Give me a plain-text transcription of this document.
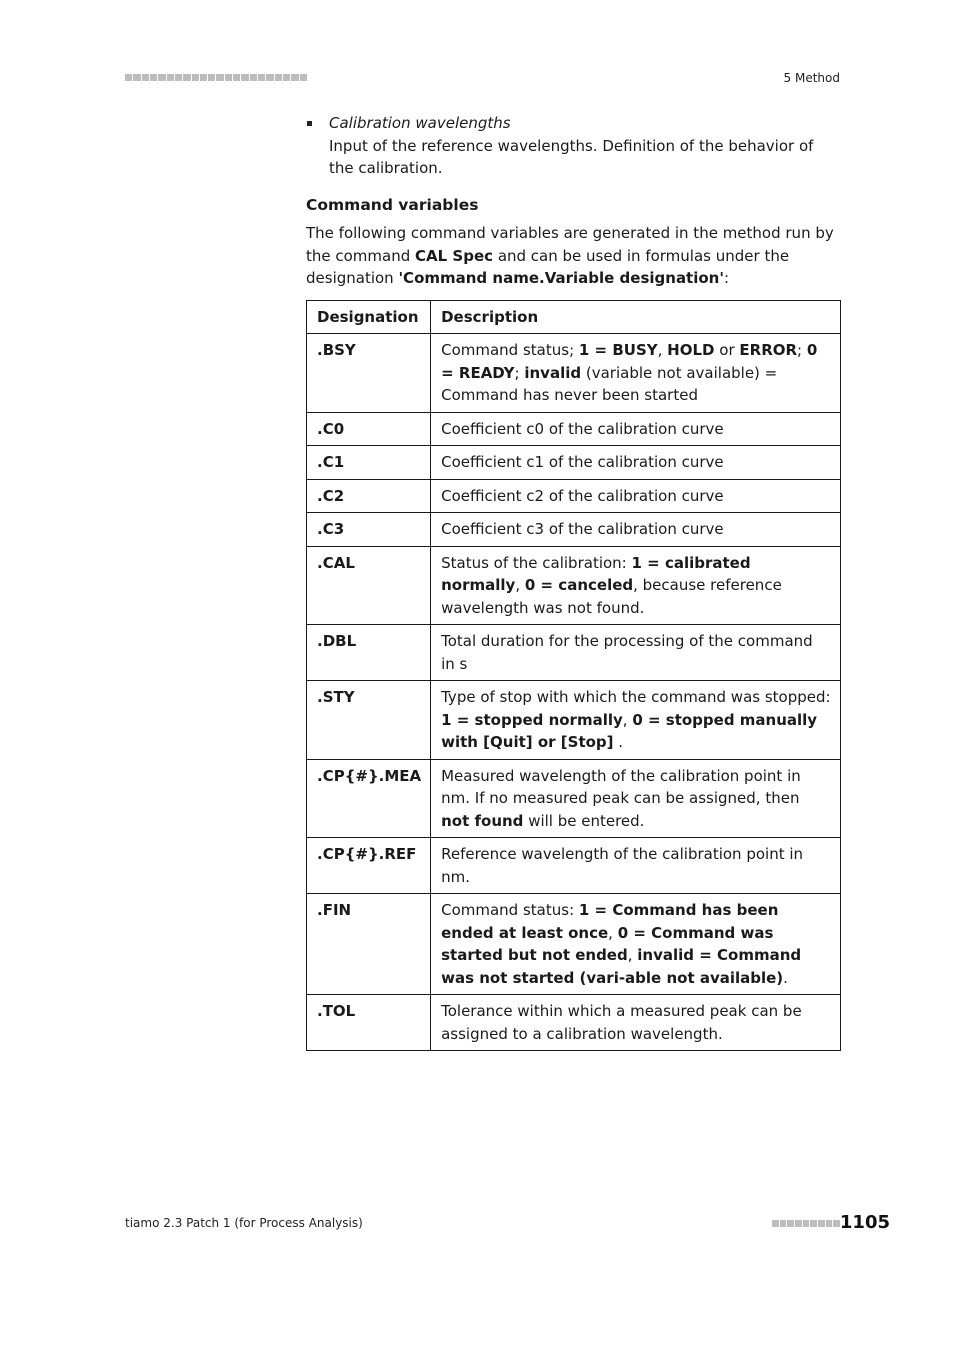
5 Method
Calibration wavelengths
Input of the reference wavelengths. Definition of the behavior of the calibration.
Command variables

The following command variables are generated in the method run by the command CAL Spec and can be used in formulas under the designation 'Command name.Variable designation':

Designation	Description
.BSY	Command status; 1 = BUSY, HOLD or ERROR; 0 = READY; invalid (variable not available) = Command has never been started
.C0	Coefficient c0 of the calibration curve
.C1	Coefficient c1 of the calibration curve
.C2	Coefficient c2 of the calibration curve
.C3	Coefficient c3 of the calibration curve
.CAL	Status of the calibration: 1 = calibrated normally, 0 = canceled, because reference wavelength was not found.
.DBL	Total duration for the processing of the command in s
.STY	Type of stop with which the command was stopped: 1 = stopped normally, 0 = stopped manually with [Quit] or [Stop] .
.CP{#}.MEA	Measured wavelength of the calibration point in nm. If no measured peak can be assigned, then not found will be entered.
.CP{#}.REF	Reference wavelength of the calibration point in nm.
.FIN	Command status: 1 = Command has been ended at least once, 0 = Command was started but not ended, invalid = Command was not started (vari-able not available).
.TOL	Tolerance within which a measured peak can be assigned to a calibration wavelength.
tiamo 2.3 Patch 1 (for Process Analysis)	1105
